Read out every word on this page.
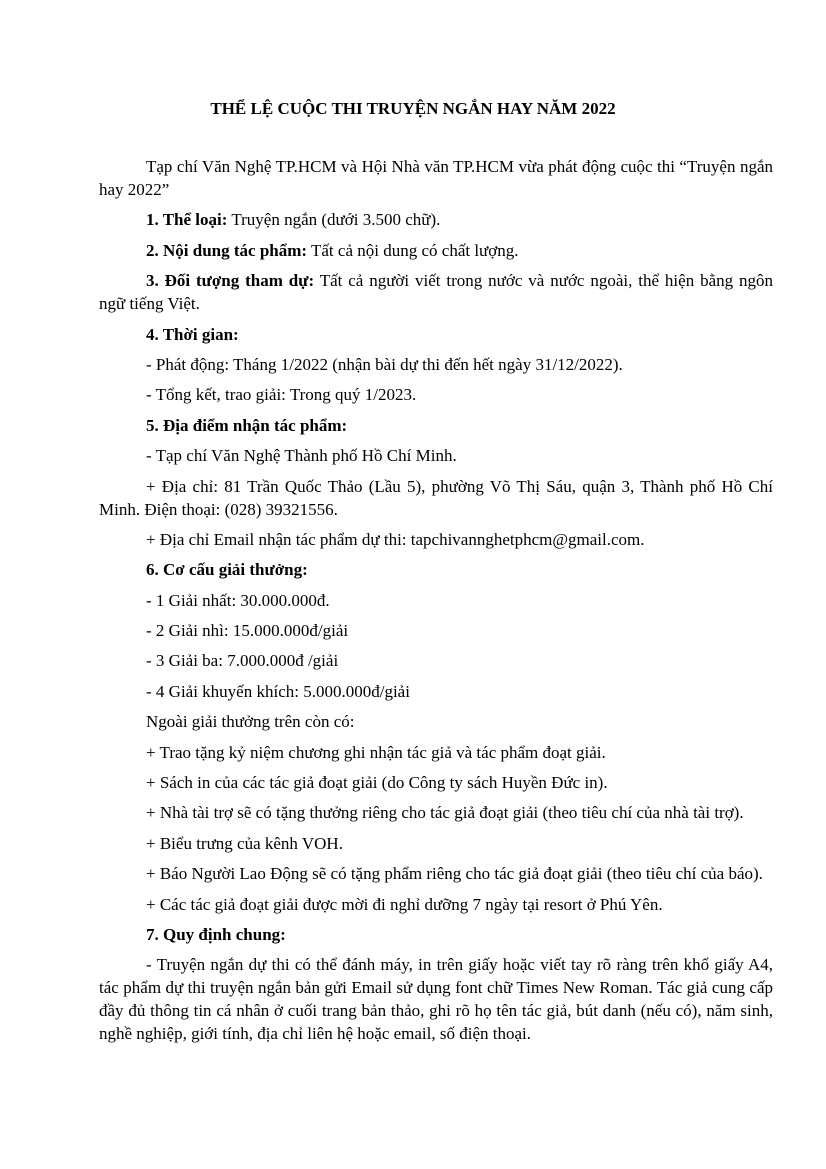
THỂ LỆ CUỘC THI TRUYỆN NGẮN HAY NĂM 2022

Tạp chí Văn Nghệ TP.HCM và Hội Nhà văn TP.HCM vừa phát động cuộc thi “Truyện ngắn hay 2022”

1. Thể loại: Truyện ngắn (dưới 3.500 chữ).

2. Nội dung tác phẩm: Tất cả nội dung có chất lượng.

3. Đối tượng tham dự: Tất cả người viết trong nước và nước ngoài, thể hiện bằng ngôn ngữ tiếng Việt.

4. Thời gian:

- Phát động: Tháng 1/2022 (nhận bài dự thi đến hết ngày 31/12/2022).

- Tổng kết, trao giải: Trong quý 1/2023.

5. Địa điểm nhận tác phẩm:

- Tạp chí Văn Nghệ Thành phố Hồ Chí Minh.

+ Địa chỉ: 81 Trần Quốc Thảo (Lầu 5), phường Võ Thị Sáu, quận 3, Thành phố Hồ Chí Minh. Điện thoại: (028) 39321556.

+ Địa chỉ Email nhận tác phẩm dự thi: tapchivannghetphcm@gmail.com.

6. Cơ cấu giải thưởng:

- 1 Giải nhất: 30.000.000đ.

- 2 Giải nhì: 15.000.000đ/giải

- 3 Giải ba: 7.000.000đ /giải

- 4 Giải khuyến khích: 5.000.000đ/giải

Ngoài giải thưởng trên còn có:

+ Trao tặng kỷ niệm chương ghi nhận tác giả và tác phẩm đoạt giải.

+ Sách in của các tác giả đoạt giải (do Công ty sách Huyền Đức in).

+ Nhà tài trợ sẽ có tặng thưởng riêng cho tác giả đoạt giải (theo tiêu chí của nhà tài trợ).

+ Biểu trưng của kênh VOH.

+ Báo Người Lao Động sẽ có tặng phẩm riêng cho tác giả đoạt giải (theo tiêu chí của báo).

+ Các tác giả đoạt giải được mời đi nghỉ dưỡng 7 ngày tại resort ở Phú Yên.

7. Quy định chung:

- Truyện ngắn dự thi có thể đánh máy, in trên giấy hoặc viết tay rõ ràng trên khổ giấy A4, tác phẩm dự thi truyện ngắn bản gửi Email sử dụng font chữ Times New Roman. Tác giả cung cấp đầy đủ thông tin cá nhân ở cuối trang bản thảo, ghi rõ họ tên tác giả, bút danh (nếu có), năm sinh, nghề nghiệp, giới tính, địa chỉ liên hệ hoặc email, số điện thoại.
